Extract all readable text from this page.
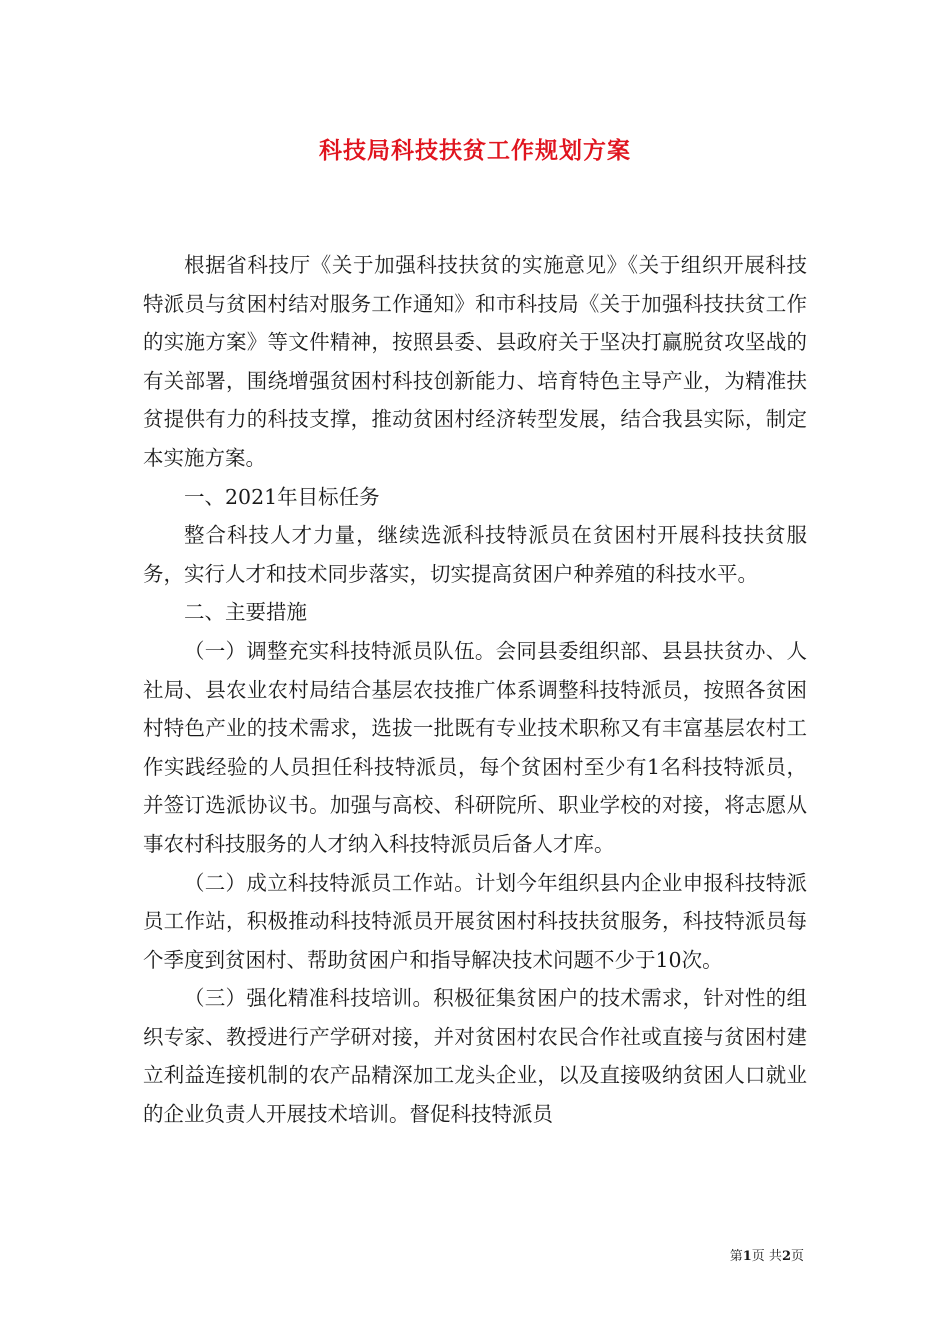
科技局科技扶贫工作规划方案

根据省科技厅《关于加强科技扶贫的实施意见》《关于组织开展科技特派员与贫困村结对服务工作通知》和市科技局《关于加强科技扶贫工作的实施方案》等文件精神，按照县委、县政府关于坚决打赢脱贫攻坚战的有关部署，围绕增强贫困村科技创新能力、培育特色主导产业，为精准扶贫提供有力的科技支撑，推动贫困村经济转型发展，结合我县实际，制定本实施方案。

一、2021年目标任务

整合科技人才力量，继续选派科技特派员在贫困村开展科技扶贫服务，实行人才和技术同步落实，切实提高贫困户种养殖的科技水平。

二、主要措施

（一）调整充实科技特派员队伍。会同县委组织部、县县扶贫办、人社局、县农业农村局结合基层农技推广体系调整科技特派员，按照各贫困村特色产业的技术需求，选拔一批既有专业技术职称又有丰富基层农村工作实践经验的人员担任科技特派员，每个贫困村至少有1名科技特派员，并签订选派协议书。加强与高校、科研院所、职业学校的对接，将志愿从事农村科技服务的人才纳入科技特派员后备人才库。

（二）成立科技特派员工作站。计划今年组织县内企业申报科技特派员工作站，积极推动科技特派员开展贫困村科技扶贫服务，科技特派员每个季度到贫困村、帮助贫困户和指导解决技术问题不少于10次。

（三）强化精准科技培训。积极征集贫困户的技术需求，针对性的组织专家、教授进行产学研对接，并对贫困村农民合作社或直接与贫困村建立利益连接机制的农产品精深加工龙头企业，以及直接吸纳贫困人口就业的企业负责人开展技术培训。督促科技特派员

第1页 共2页
